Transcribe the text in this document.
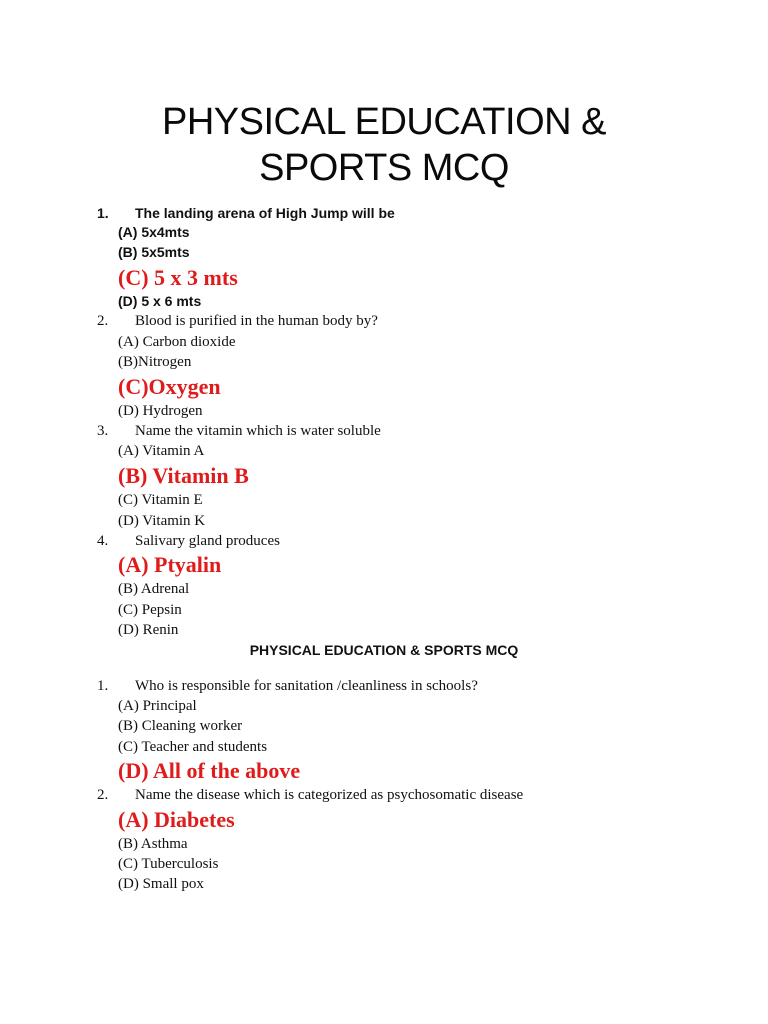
PHYSICAL EDUCATION &
SPORTS MCQ
1. The landing arena of High Jump will be
(A) 5x4mts
(B) 5x5mts
(C) 5 x 3 mts
(D) 5 x 6 mts
2. Blood is purified in the human body by?
(A) Carbon dioxide
(B)Nitrogen
(C)Oxygen
(D) Hydrogen
3. Name the vitamin which is water soluble
(A) Vitamin A
(B) Vitamin B
(C) Vitamin E
(D) Vitamin K
4. Salivary gland produces
(A) Ptyalin
(B) Adrenal
(C) Pepsin
(D) Renin
PHYSICAL EDUCATION & SPORTS MCQ
1. Who is responsible for sanitation /cleanliness in schools?
(A) Principal
(B) Cleaning worker
(C) Teacher and students
(D) All of the above
2. Name the disease which is categorized as psychosomatic disease
(A) Diabetes
(B) Asthma
(C) Tuberculosis
(D) Small pox
